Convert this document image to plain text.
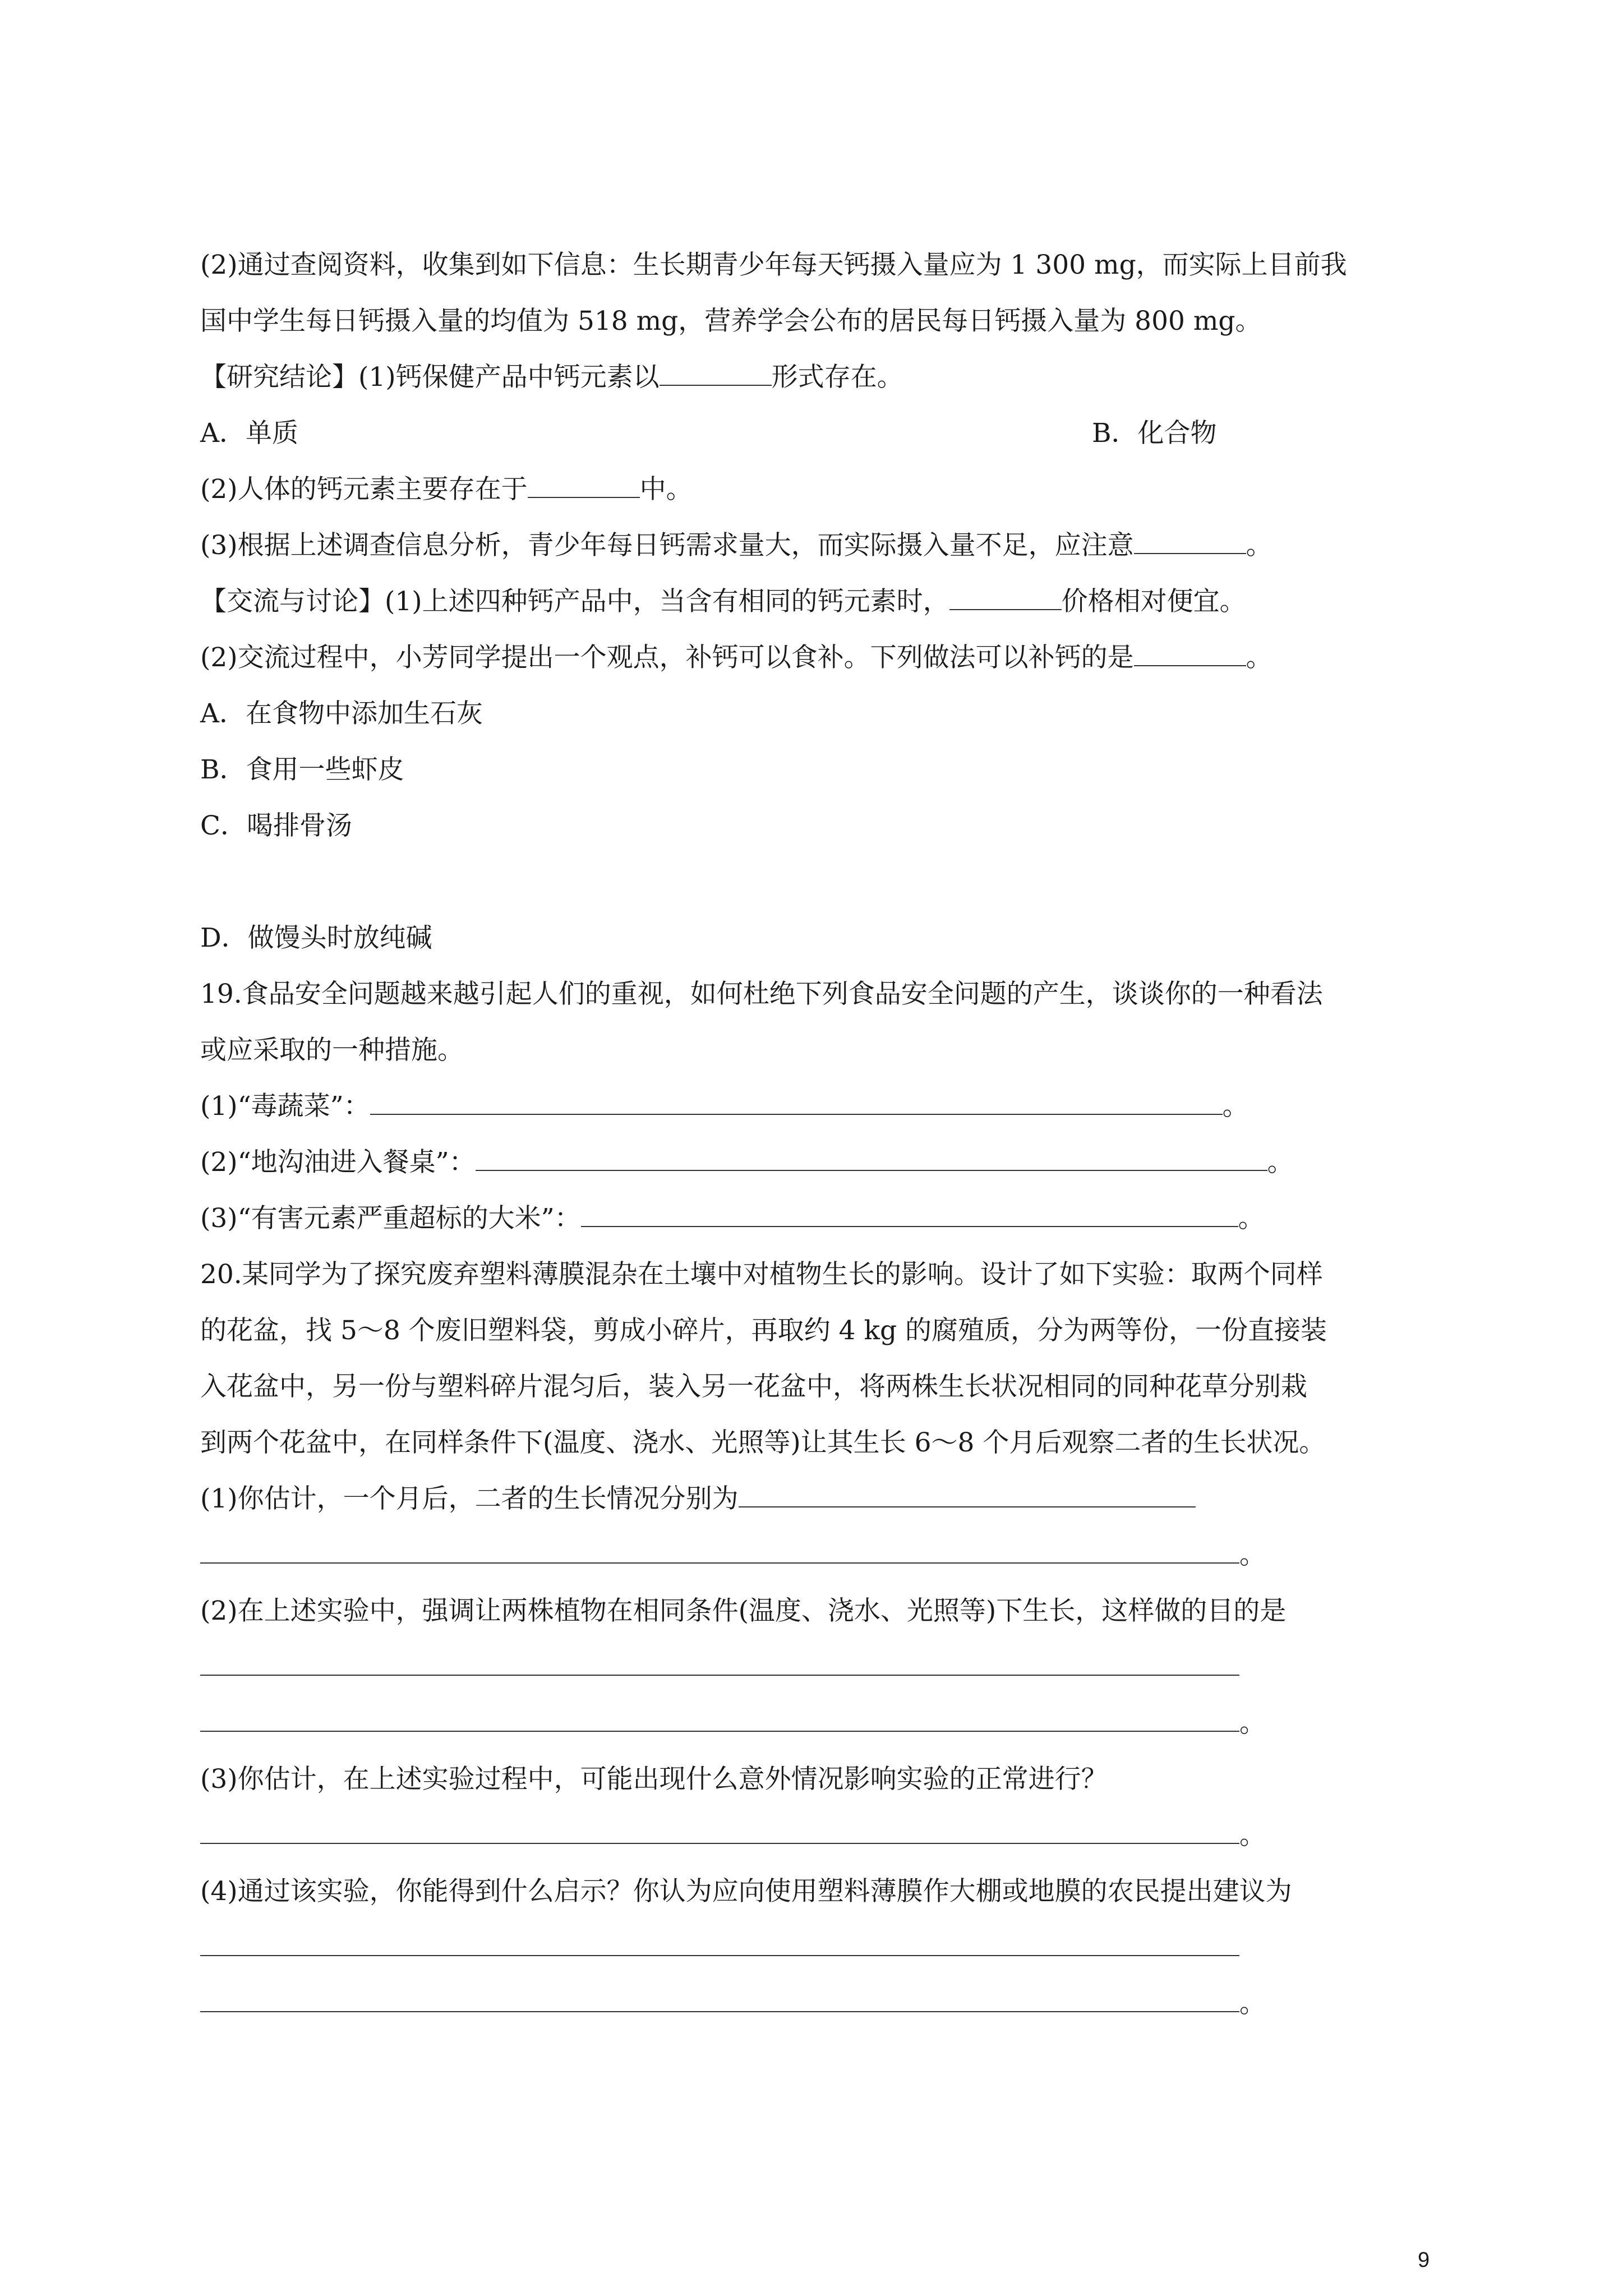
(2)通过查阅资料，收集到如下信息：生长期青少年每天钙摄入量应为 1 300 mg，而实际上目前我
国中学生每日钙摄入量的均值为 518 mg，营养学会公布的居民每日钙摄入量为 800 mg。
【研究结论】(1)钙保健产品中钙元素以	形式存在。
A．单质	B．化合物
(2)人体的钙元素主要存在于	中。
(3)根据上述调查信息分析，青少年每日钙需求量大，而实际摄入量不足，应注意	。
【交流与讨论】(1)上述四种钙产品中，当含有相同的钙元素时，	价格相对便宜。
(2)交流过程中，小芳同学提出一个观点，补钙可以食补。下列做法可以补钙的是	。
A．在食物中添加生石灰
B．食用一些虾皮
C．喝排骨汤
D．做馒头时放纯碱
19.食品安全问题越来越引起人们的重视，如何杜绝下列食品安全问题的产生，谈谈你的一种看法
或应采取的一种措施。
(1)“毒蔬菜”：	。
(2)“地沟油进入餐桌”：	。
(3)“有害元素严重超标的大米”：	。
20.某同学为了探究废弃塑料薄膜混杂在土壤中对植物生长的影响。设计了如下实验：取两个同样
的花盆，找 5～8 个废旧塑料袋，剪成小碎片，再取约 4 kg 的腐殖质，分为两等份，一份直接装
入花盆中，另一份与塑料碎片混匀后，装入另一花盆中，将两株生长状况相同的同种花草分别栽
到两个花盆中，在同样条件下(温度、浇水、光照等)让其生长 6～8 个月后观察二者的生长状况。
(1)你估计，一个月后，二者的生长情况分别为
。
(2)在上述实验中，强调让两株植物在相同条件(温度、浇水、光照等)下生长，这样做的目的是
。
(3)你估计，在上述实验过程中，可能出现什么意外情况影响实验的正常进行？
。
(4)通过该实验，你能得到什么启示？你认为应向使用塑料薄膜作大棚或地膜的农民提出建议为
。
9
